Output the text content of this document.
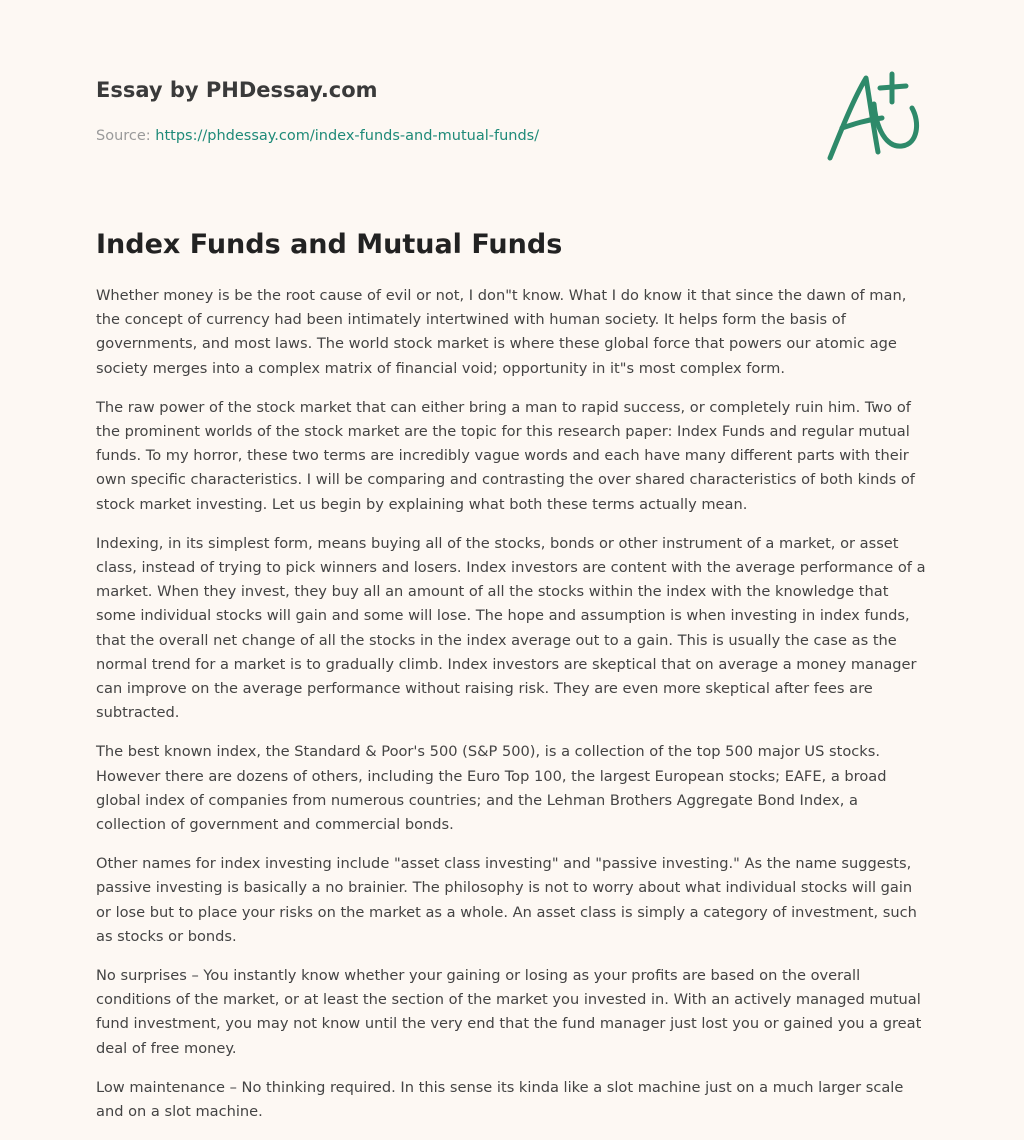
Essay by PHDessay.com
Source: https://phdessay.com/index-funds-and-mutual-funds/
Index Funds and Mutual Funds

Whether money is be the root cause of evil or not, I don"t know. What I do know it that since the dawn of man, the concept of currency had been intimately intertwined with human society. It helps form the basis of governments, and most laws. The world stock market is where these global force that powers our atomic age society merges into a complex matrix of financial void; opportunity in it"s most complex form.

The raw power of the stock market that can either bring a man to rapid success, or completely ruin him. Two of the prominent worlds of the stock market are the topic for this research paper: Index Funds and regular mutual funds. To my horror, these two terms are incredibly vague words and each have many different parts with their own specific characteristics. I will be comparing and contrasting the over shared characteristics of both kinds of stock market investing. Let us begin by explaining what both these terms actually mean.

Indexing, in its simplest form, means buying all of the stocks, bonds or other instrument of a market, or asset class, instead of trying to pick winners and losers. Index investors are content with the average performance of a market. When they invest, they buy all an amount of all the stocks within the index with the knowledge that some individual stocks will gain and some will lose. The hope and assumption is when investing in index funds, that the overall net change of all the stocks in the index average out to a gain. This is usually the case as the normal trend for a market is to gradually climb. Index investors are skeptical that on average a money manager can improve on the average performance without raising risk. They are even more skeptical after fees are subtracted.

The best known index, the Standard & Poor's 500 (S&P 500), is a collection of the top 500 major US stocks. However there are dozens of others, including the Euro Top 100, the largest European stocks; EAFE, a broad global index of companies from numerous countries; and the Lehman Brothers Aggregate Bond Index, a collection of government and commercial bonds.

Other names for index investing include "asset class investing" and "passive investing." As the name suggests, passive investing is basically a no brainier. The philosophy is not to worry about what individual stocks will gain or lose but to place your risks on the market as a whole. An asset class is simply a category of investment, such as stocks or bonds.

No surprises – You instantly know whether your gaining or losing as your profits are based on the overall conditions of the market, or at least the section of the market you invested in. With an actively managed mutual fund investment, you may not know until the very end that the fund manager just lost you or gained you a great deal of free money.

Low maintenance – No thinking required. In this sense its kinda like a slot machine just on a much larger scale and on a slot machine.
